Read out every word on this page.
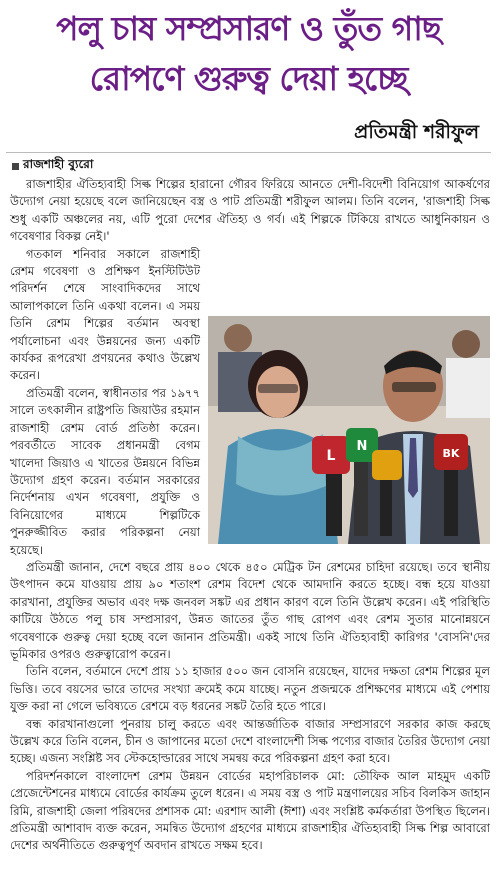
পলু চাষ সম্প্রসারণ ও তুঁত গাছ
রোপণে গুরুত্ব দেয়া হচ্ছে
প্রতিমন্ত্রী শরীফুল
রাজশাহী ব্যুরো

রাজশাহীর ঐতিহ্যবাহী সিল্ক শিল্পের হারানো গৌরব ফিরিয়ে আনতে দেশী-বিদেশী বিনিয়োগ আকর্ষণের উদ্যোগ নেয়া হয়েছে বলে জানিয়েছেন বস্ত্র ও পাট প্রতিমন্ত্রী শরীফুল আলম। তিনি বলেন, 'রাজশাহী সিল্ক শুধু একটি অঞ্চলের নয়, এটি পুরো দেশের ঐতিহ্য ও গর্ব। এই শিল্পকে টিকিয়ে রাখতে আধুনিকায়ন ও গবেষণার বিকল্প নেই।'

L
N	BK

গতকাল শনিবার সকালে রাজশাহী রেশম গবেষণা ও প্রশিক্ষণ ইনস্টিটিউট পরিদর্শন শেষে সাংবাদিকদের সাথে আলাপকালে তিনি একথা বলেন। এ সময় তিনি রেশম শিল্পের বর্তমান অবস্থা পর্যালোচনা এবং উন্নয়নের জন্য একটি কার্যকর রূপরেখা প্রণয়নের কথাও উল্লেখ করেন।

প্রতিমন্ত্রী বলেন, স্বাধীনতার পর ১৯৭৭ সালে তৎকালীন রাষ্ট্রপতি জিয়াউর রহমান রাজশাহী রেশম বোর্ড প্রতিষ্ঠা করেন। পরবর্তীতে সাবেক প্রধানমন্ত্রী বেগম খালেদা জিয়াও এ খাতের উন্নয়নে বিভিন্ন উদ্যোগ গ্রহণ করেন। বর্তমান সরকারের নির্দেশনায় এখন গবেষণা, প্রযুক্তি ও বিনিয়োগের মাধ্যমে শিল্পটিকে পুনরুজ্জীবিত করার পরিকল্পনা নেয়া হয়েছে।

প্রতিমন্ত্রী জানান, দেশে বছরে প্রায় ৪০০ থেকে ৪৫০ মেট্রিক টন রেশমের চাহিদা রয়েছে। তবে স্থানীয় উৎপাদন কমে যাওয়ায় প্রায় ৯০ শতাংশ রেশম বিদেশ থেকে আমদানি করতে হচ্ছে। বন্ধ হয়ে যাওয়া কারখানা, প্রযুক্তির অভাব এবং দক্ষ জনবল সঙ্কট এর প্রধান কারণ বলে তিনি উল্লেখ করেন। এই পরিস্থিতি কাটিয়ে উঠতে পলু চাষ সম্প্রসারণ, উন্নত জাতের তুঁত গাছ রোপণ এবং রেশম সুতার মানোন্নয়নে গবেষণাকে গুরুত্ব দেয়া হচ্ছে বলে জানান প্রতিমন্ত্রী। একই সাথে তিনি ঐতিহ্যবাহী কারিগর 'বোসনি'দের ভূমিকার ওপরও গুরুত্বারোপ করেন।

তিনি বলেন, বর্তমানে দেশে প্রায় ১১ হাজার ৫০০ জন বোসনি রয়েছেন, যাদের দক্ষতা রেশম শিল্পের মূল ভিত্তি। তবে বয়সের ভারে তাদের সংখ্যা ক্রমেই কমে যাচ্ছে। নতুন প্রজন্মকে প্রশিক্ষণের মাধ্যমে এই পেশায় যুক্ত করা না গেলে ভবিষ্যতে রেশমে বড় ধরনের সঙ্কট তৈরি হতে পারে।

বন্ধ কারখানাগুলো পুনরায় চালু করতে এবং আন্তর্জাতিক বাজার সম্প্রসারণে সরকার কাজ করছে উল্লেখ করে তিনি বলেন, চীন ও জাপানের মতো দেশে বাংলাদেশী সিল্ক পণ্যের বাজার তৈরির উদ্যোগ নেয়া হচ্ছে। এজন্য সংশ্লিষ্ট সব স্টেকহোল্ডারের সাথে সমন্বয় করে পরিকল্পনা গ্রহণ করা হবে।

পরিদর্শনকালে বাংলাদেশ রেশম উন্নয়ন বোর্ডের মহাপরিচালক মো: তৌফিক আল মাহমুদ একটি প্রেজেন্টেশনের মাধ্যমে বোর্ডের কার্যক্রম তুলে ধরেন। এ সময় বস্ত্র ও পাট মন্ত্রণালয়ের সচিব বিলকিস জাহান রিমি, রাজশাহী জেলা পরিষদের প্রশাসক মো: এরশাদ আলী (ঈশা) এবং সংশ্লিষ্ট কর্মকর্তারা উপস্থিত ছিলেন। প্রতিমন্ত্রী আশাবাদ ব্যক্ত করেন, সমন্বিত উদ্যোগ গ্রহণের মাধ্যমে রাজশাহীর ঐতিহ্যবাহী সিল্ক শিল্প আবারো দেশের অর্থনীতিতে গুরুত্বপূর্ণ অবদান রাখতে সক্ষম হবে।
